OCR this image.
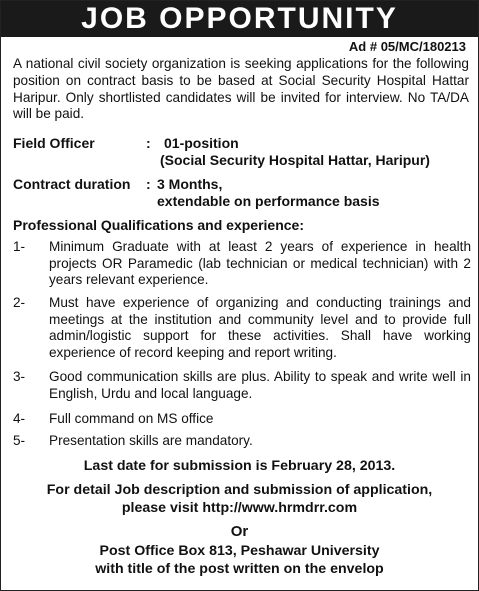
JOB OPPORTUNITY
Ad # 05/MC/180213
A national civil society organization is seeking applications for the following position on contract basis to be based at Social Security Hospital Hattar Haripur. Only shortlisted candidates will be invited for interview. No TA/DA will be paid.
Field Officer	: 01-position
(Social Security Hospital Hattar, Haripur)
Contract duration : 3 Months,
extendable on performance basis
Professional Qualifications and experience:
1- Minimum Graduate with at least 2 years of experience in health projects OR Paramedic (lab technician or medical technician) with 2 years relevant experience.
2- Must have experience of organizing and conducting trainings and meetings at the institution and community level and to provide full admin/logistic support for these activities. Shall have working experience of record keeping and report writing.
3- Good communication skills are plus. Ability to speak and write well in English, Urdu and local language.
4- Full command on MS office
5- Presentation skills are mandatory.
Last date for submission is February 28, 2013.
For detail Job description and submission of application,
please visit http://www.hrmdrr.com
Or
Post Office Box 813, Peshawar University
with title of the post written on the envelop
